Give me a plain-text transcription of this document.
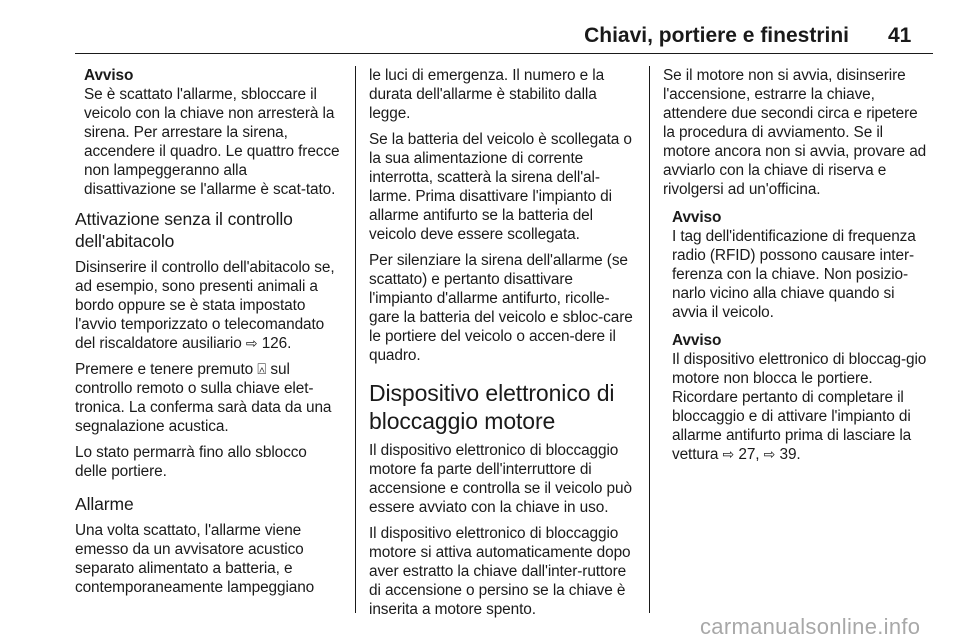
Chiavi, portiere e finestrini 41
Avviso
Se è scattato l'allarme, sbloccare il veicolo con la chiave non arresterà la sirena. Per arrestare la sirena, accendere il quadro. Le quattro frecce non lampeggeranno alla disattivazione se l'allarme è scat-tato.
Attivazione senza il controllo dell'abitacolo

Disinserire il controllo dell'abitacolo se, ad esempio, sono presenti animali a bordo oppure se è stata impostato l'avvio temporizzato o telecomandato del riscaldatore ausiliario ⇨ 126.

Premere e tenere premuto ⍓ sul controllo remoto o sulla chiave elet-tronica. La conferma sarà data da una segnalazione acustica.

Lo stato permarrà fino allo sblocco delle portiere.

Allarme

Una volta scattato, l'allarme viene emesso da un avvisatore acustico separato alimentato a batteria, e contemporaneamente lampeggiano

le luci di emergenza. Il numero e la durata dell'allarme è stabilito dalla legge.

Se la batteria del veicolo è scollegata o la sua alimentazione di corrente interrotta, scatterà la sirena dell'al-larme. Prima disattivare l'impianto di allarme antifurto se la batteria del veicolo deve essere scollegata.

Per silenziare la sirena dell'allarme (se scattato) e pertanto disattivare l'impianto d'allarme antifurto, ricolle-gare la batteria del veicolo e sbloc-care le portiere del veicolo o accen-dere il quadro.

Dispositivo elettronico di bloccaggio motore

Il dispositivo elettronico di bloccaggio motore fa parte dell'interruttore di accensione e controlla se il veicolo può essere avviato con la chiave in uso.

Il dispositivo elettronico di bloccaggio motore si attiva automaticamente dopo aver estratto la chiave dall'inter-ruttore di accensione o persino se la chiave è inserita a motore spento.

Se il motore non si avvia, disinserire l'accensione, estrarre la chiave, attendere due secondi circa e ripetere la procedura di avviamento. Se il motore ancora non si avvia, provare ad avviarlo con la chiave di riserva e rivolgersi ad un'officina.

Avviso
I tag dell'identificazione di frequenza radio (RFID) possono causare inter-ferenza con la chiave. Non posizio-narlo vicino alla chiave quando si avvia il veicolo.
Avviso
Il dispositivo elettronico di bloccag-gio motore non blocca le portiere. Ricordare pertanto di completare il bloccaggio e di attivare l'impianto di allarme antifurto prima di lasciare la vettura ⇨ 27, ⇨ 39.
carmanualsonline.info
